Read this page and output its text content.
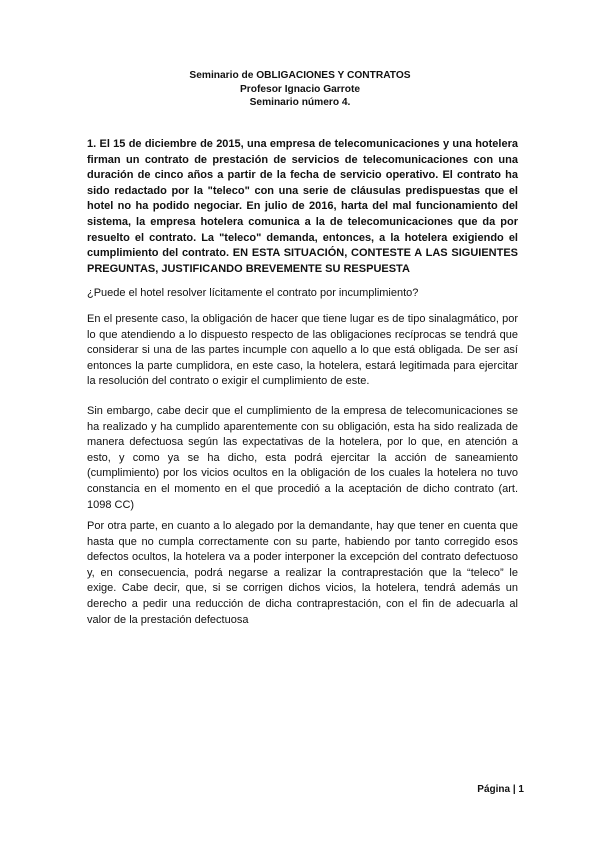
Seminario de OBLIGACIONES Y CONTRATOS
Profesor Ignacio Garrote
Seminario número 4.
1. El 15 de diciembre de 2015, una empresa de telecomunicaciones y una hotelera firman un contrato de prestación de servicios de telecomunicaciones con una duración de cinco años a partir de la fecha de servicio operativo. El contrato ha sido redactado por la "teleco" con una serie de cláusulas predispuestas que el hotel no ha podido negociar. En julio de 2016, harta del mal funcionamiento del sistema, la empresa hotelera comunica a la de telecomunicaciones que da por resuelto el contrato. La "teleco" demanda, entonces, a la hotelera exigiendo el cumplimiento del contrato. EN ESTA SITUACIÓN, CONTESTE A LAS SIGUIENTES PREGUNTAS, JUSTIFICANDO BREVEMENTE SU RESPUESTA
¿Puede el hotel resolver lícitamente el contrato por incumplimiento?
En el presente caso, la obligación de hacer que tiene lugar es de tipo sinalagmático, por lo que atendiendo a lo dispuesto respecto de las obligaciones recíprocas se tendrá que considerar si una de las partes incumple con aquello a lo que está obligada. De ser así entonces la parte cumplidora, en este caso, la hotelera, estará legitimada para ejercitar la resolución del contrato o exigir el cumplimiento de este.
Sin embargo, cabe decir que el cumplimiento de la empresa de telecomunicaciones se ha realizado y ha cumplido aparentemente con su obligación, esta ha sido realizada de manera defectuosa según las expectativas de la hotelera, por lo que, en atención a esto, y como ya se ha dicho, esta podrá ejercitar la acción de saneamiento (cumplimiento) por los vicios ocultos en la obligación de los cuales la hotelera no tuvo constancia en el momento en el que procedió a la aceptación de dicho contrato (art. 1098 CC)
Por otra parte, en cuanto a lo alegado por la demandante, hay que tener en cuenta que hasta que no cumpla correctamente con su parte, habiendo por tanto corregido esos defectos ocultos, la hotelera va a poder interponer la excepción del contrato defectuoso y, en consecuencia, podrá negarse a realizar la contraprestación que la “teleco” le exige. Cabe decir, que, si se corrigen dichos vicios, la hotelera, tendrá además un derecho a pedir una reducción de dicha contraprestación, con el fin de adecuarla al valor de la prestación defectuosa
Página | 1
